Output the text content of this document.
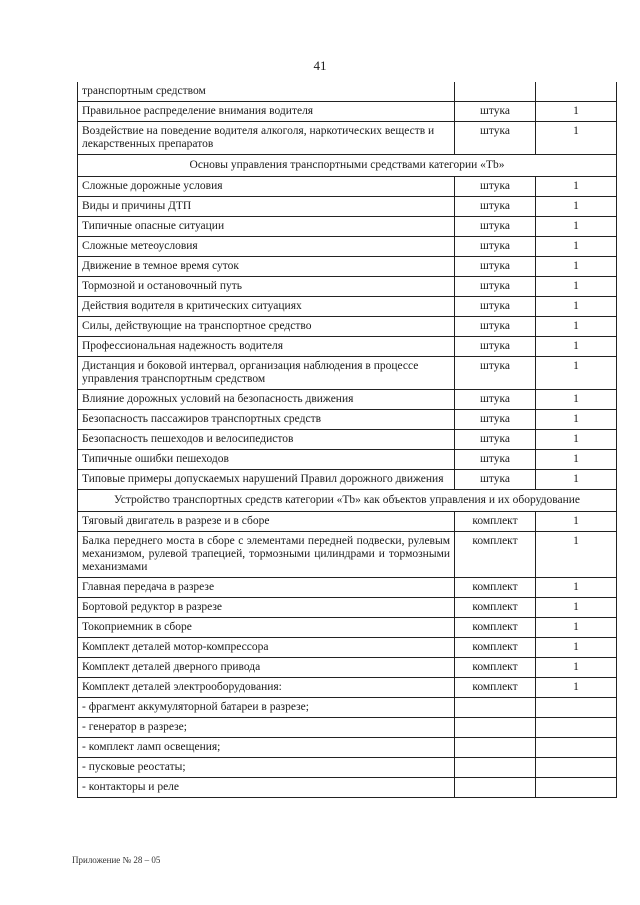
41
транспортным средством		
Правильное распределение внимания водителя	штука	1
Воздействие на поведение водителя алкоголя, наркотических веществ и лекарственных препаратов	штука	1
Основы управления транспортными средствами категории «Тb»		
Сложные дорожные условия	штука	1
Виды и причины ДТП	штука	1
Типичные опасные ситуации	штука	1
Сложные метеоусловия	штука	1
Движение в темное время суток	штука	1
Тормозной и остановочный путь	штука	1
Действия водителя в критических ситуациях	штука	1
Силы, действующие на транспортное средство	штука	1
Профессиональная надежность водителя	штука	1
Дистанция и боковой интервал, организация наблюдения в процессе управления транспортным средством	штука	1
Влияние дорожных условий на безопасность движения	штука	1
Безопасность пассажиров транспортных средств	штука	1
Безопасность пешеходов и велосипедистов	штука	1
Типичные ошибки пешеходов	штука	1
Типовые примеры допускаемых нарушений Правил дорожного движения	штука	1
Устройство транспортных средств категории «Тb» как объектов управления и их оборудование		
Тяговый двигатель в разрезе и в сборе	комплект	1
Балка переднего моста в сборе с элементами передней подвески, рулевым механизмом, рулевой трапецией, тормозными цилиндрами и тормозными механизмами	комплект	1
Главная передача в разрезе	комплект	1
Бортовой редуктор в разрезе	комплект	1
Токоприемник в сборе	комплект	1
Комплект деталей мотор-компрессора	комплект	1
Комплект деталей дверного привода	комплект	1
Комплект деталей электрооборудования:	комплект	1
- фрагмент аккумуляторной батареи в разрезе;		
- генератор в разрезе;		
- комплект ламп освещения;		
- пусковые реостаты;		
- контакторы и реле		
Приложение № 28 – 05
